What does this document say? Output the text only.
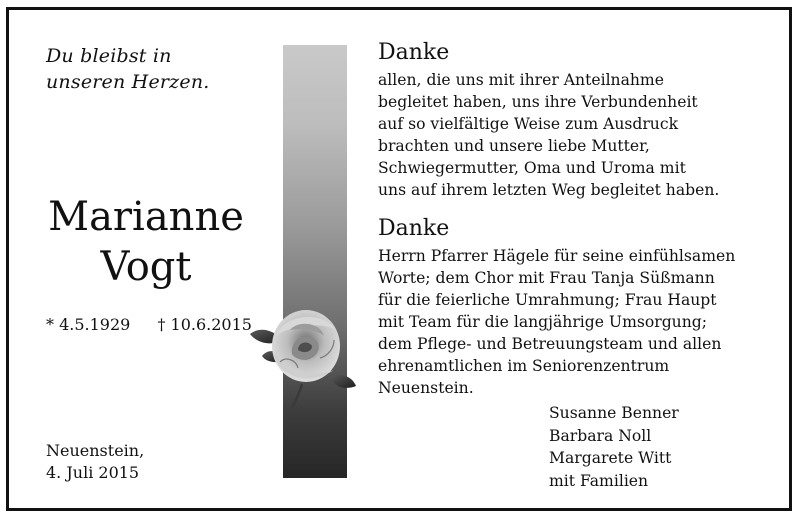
Du bleibst in
unseren Herzen.
Marianne
Vogt
* 4.5.1929 † 10.6.2015
Neuenstein,
4. Juli 2015
Danke
allen, die uns mit ihrer Anteilnahme
begleitet haben, uns ihre Verbundenheit
auf so vielfältige Weise zum Ausdruck
brachten und unsere liebe Mutter,
Schwiegermutter, Oma und Uroma mit
uns auf ihrem letzten Weg begleitet haben.
Danke
Herrn Pfarrer Hägele für seine einfühlsamen
Worte; dem Chor mit Frau Tanja Süßmann
für die feierliche Umrahmung; Frau Haupt
mit Team für die langjährige Umsorgung;
dem Pflege- und Betreuungsteam und allen
ehrenamtlichen im Seniorenzentrum
Neuenstein.
Susanne Benner
Barbara Noll
Margarete Witt
mit Familien
